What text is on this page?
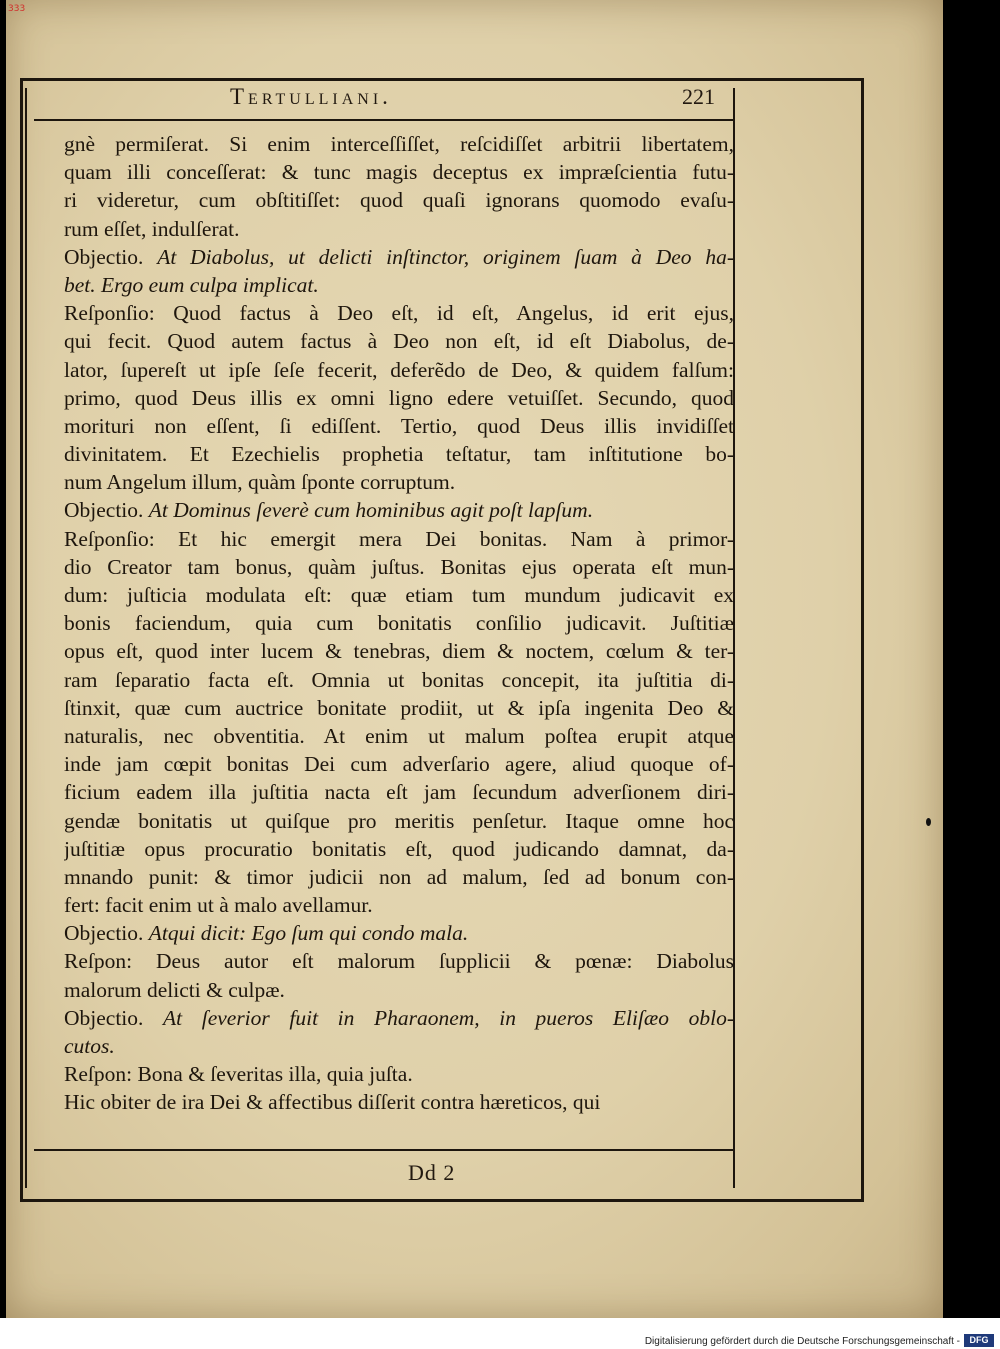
333
Tertulliani.	221
gnè permiſerat. Si enim interceſſiſſet, reſcidiſſet arbitrii libertatem,
quam illi conceſſerat: & tunc magis deceptus ex impræſcientia futu-
ri videretur, cum obſtitiſſet: quod quaſi ignorans quomodo evaſu-
rum eſſet, indulſerat.
Objectio. At Diabolus, ut delicti inſtinctor, originem ſuam à Deo ha-
bet. Ergo eum culpa implicat.
Reſponſio: Quod factus à Deo eſt, id eſt, Angelus, id erit ejus,
qui fecit. Quod autem factus à Deo non eſt, id eſt Diabolus, de-
lator, ſupereſt ut ipſe ſeſe fecerit, deferẽdo de Deo, & quidem falſum:
primo, quod Deus illis ex omni ligno edere vetuiſſet. Secundo, quod
morituri non eſſent, ſi ediſſent. Tertio, quod Deus illis invidiſſet
divinitatem. Et Ezechielis prophetia teſtatur, tam inſtitutione bo-
num Angelum illum, quàm ſponte corruptum.
Objectio. At Dominus ſeverè cum hominibus agit poſt lapſum.
Reſponſio: Et hic emergit mera Dei bonitas. Nam à primor-
dio Creator tam bonus, quàm juſtus. Bonitas ejus operata eſt mun-
dum: juſticia modulata eſt: quæ etiam tum mundum judicavit ex
bonis faciendum, quia cum bonitatis conſilio judicavit. Juſtitiæ
opus eſt, quod inter lucem & tenebras, diem & noctem, cœlum & ter-
ram ſeparatio facta eſt. Omnia ut bonitas concepit, ita juſtitia di-
ſtinxit, quæ cum auctrice bonitate prodiit, ut & ipſa ingenita Deo &
naturalis, nec obventitia. At enim ut malum poſtea erupit atque
inde jam cœpit bonitas Dei cum adverſario agere, aliud quoque of-
ficium eadem illa juſtitia nacta eſt jam ſecundum adverſionem diri-
gendæ bonitatis ut quiſque pro meritis penſetur. Itaque omne hoc
juſtitiæ opus procuratio bonitatis eſt, quod judicando damnat, da-
mnando punit: & timor judicii non ad malum, ſed ad bonum con-
fert: facit enim ut à malo avellamur.
Objectio. Atqui dicit: Ego ſum qui condo mala.
Reſpon: Deus autor eſt malorum ſupplicii & pœnæ: Diabolus
malorum delicti & culpæ.
Objectio. At ſeverior fuit in Pharaonem, in pueros Eliſæo oblo-
cutos.
Reſpon: Bona & ſeveritas illa, quia juſta.
Hic obiter de ira Dei & affectibus diſſerit contra hæreticos, qui
Dd 2
Digitalisierung gefördert durch die Deutsche Forschungsgemeinschaft -	DFG
